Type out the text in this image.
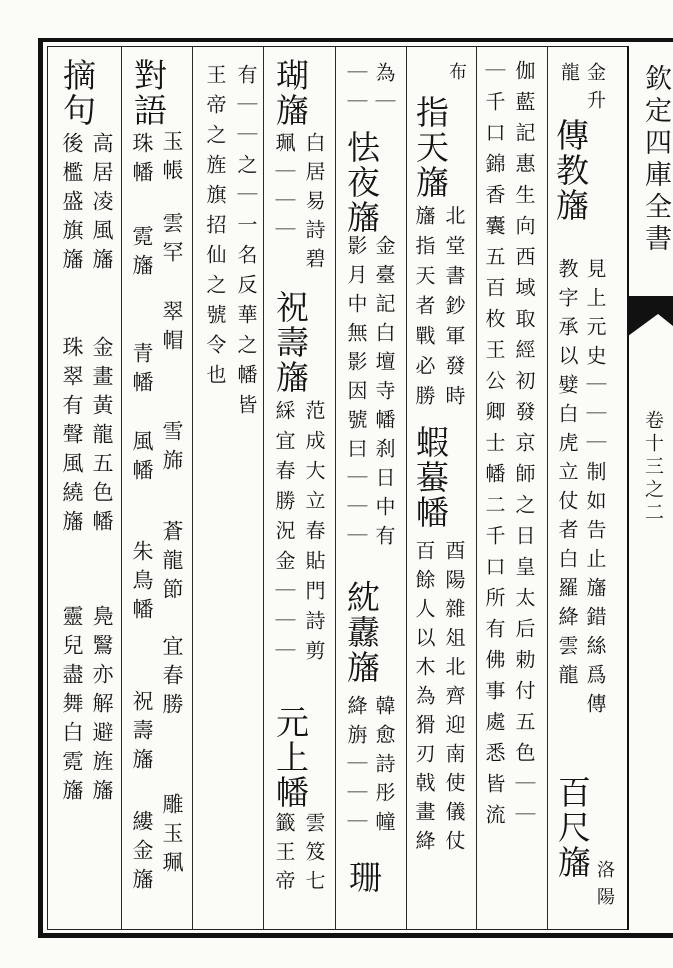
欽定四庫全書
卷十三之二
金升
龍
傳教旛
見上元史｜｜｜制如告止旛錯絲爲傳
教字承以嬖白虎立仗者白羅絳雲龍
百尺旛
洛陽
伽藍記惠生向西域取經初發京師之日皇太后勅付五色｜｜
｜千口錦香囊五百枚王公卿士幡二千口所有佛事處悉皆流
布
指天旛
北堂書鈔軍發時
旛指天者戰必勝
蝦蟇幡
酉陽雜俎北齊迎南使儀仗
百餘人以木為猾刃戟畫絳
為｜
｜｜
怯夜旛
金臺記白壇寺幡刹日中有
影月中無影因號曰｜｜｜
紞纛旛
韓愈詩彤幢
絳旃｜｜｜
珊
瑚旛
白居易詩碧
珮｜｜｜
祝壽旛
范成大立春貼門詩剪
綵宜春勝況金｜｜｜
元上幡
雲笈七
籤王帝
有｜｜之｜一名反華之幡皆
王帝之旌旗招仙之號令也
對語
玉帳
雲罕
翠帽
雪旆
蒼龍節
宜春勝
雕玉珮
珠幡
霓旛
青幡
風幡
朱鳥幡
祝壽旛
縷金旛
摘句
高居凌風旛
金畫黃龍五色幡
鳧鷖亦解避旌旛
後檻盛旗旛
珠翠有聲風繞旛
靈兒盡舞白霓旛
